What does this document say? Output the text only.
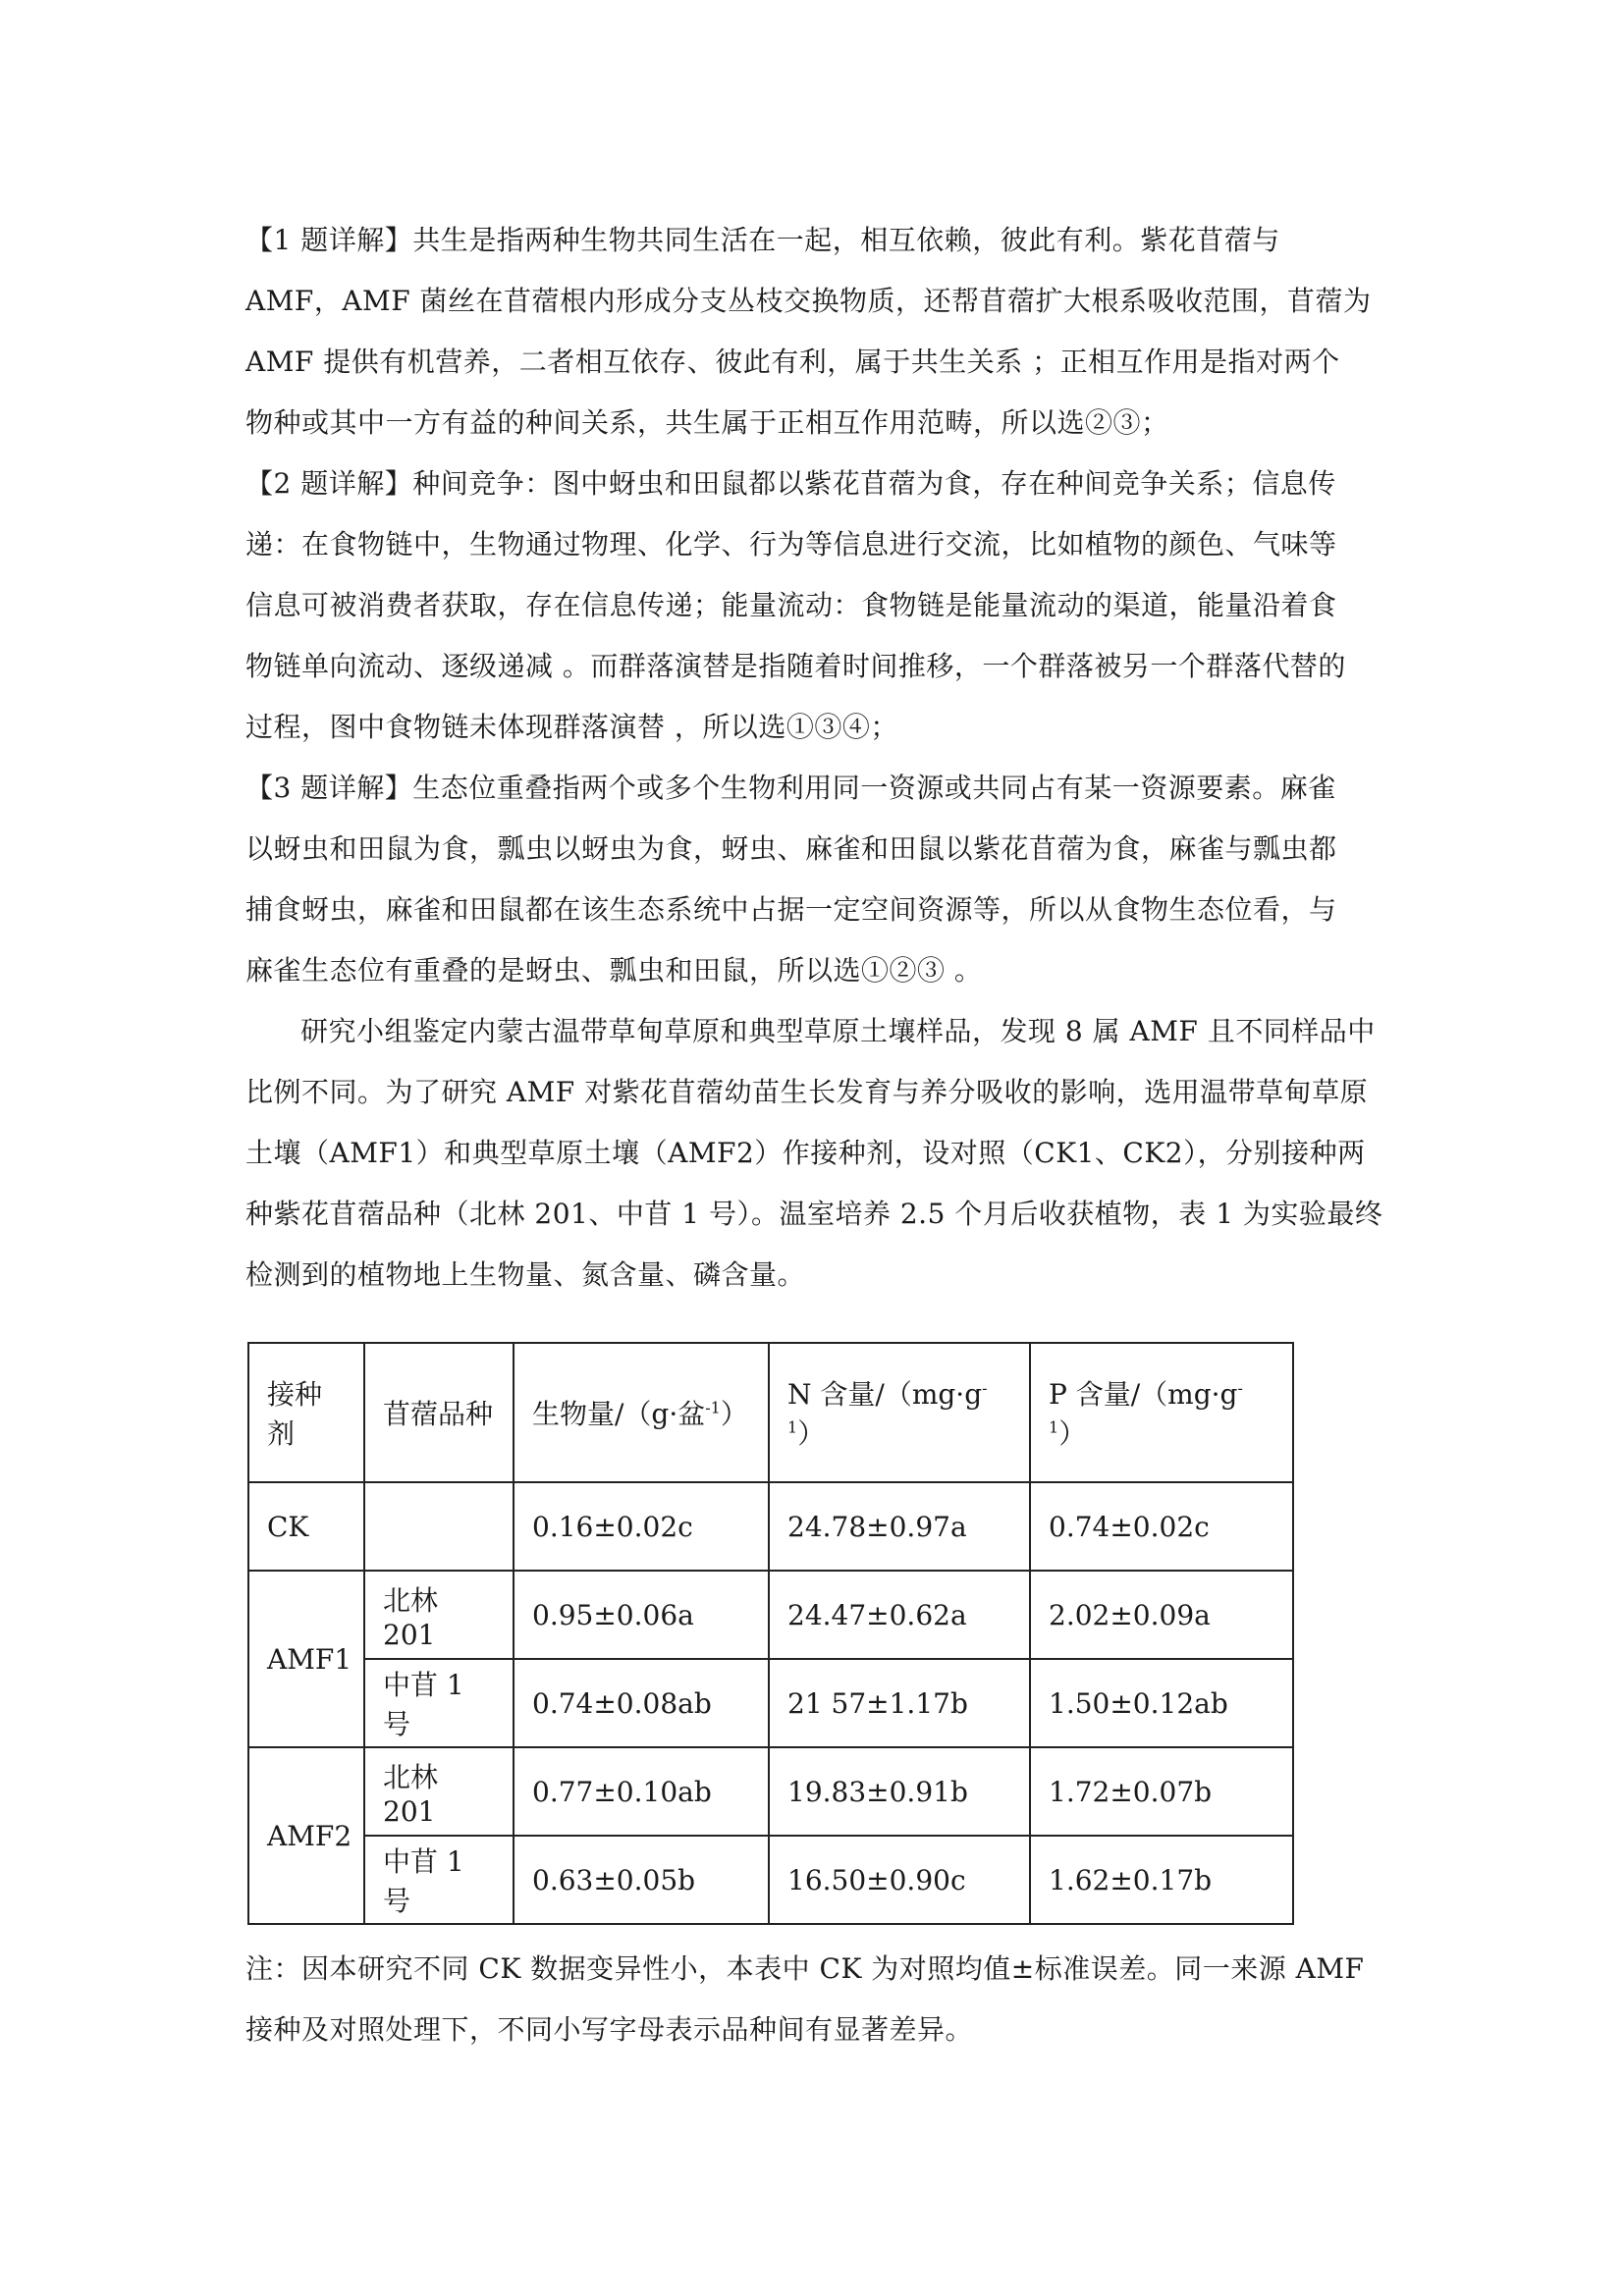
【1 题详解】共生是指两种生物共同生活在一起，相互依赖，彼此有利。紫花苜蓿与
AMF，AMF 菌丝在苜蓿根内形成分支丛枝交换物质，还帮苜蓿扩大根系吸收范围，苜蓿为
AMF 提供有机营养，二者相互依存、彼此有利，属于共生关系 ；正相互作用是指对两个
物种或其中一方有益的种间关系，共生属于正相互作用范畴，所以选②③；
【2 题详解】种间竞争：图中蚜虫和田鼠都以紫花苜蓿为食，存在种间竞争关系；信息传
递：在食物链中，生物通过物理、化学、行为等信息进行交流，比如植物的颜色、气味等
信息可被消费者获取，存在信息传递；能量流动：食物链是能量流动的渠道，能量沿着食
物链单向流动、逐级递减 。而群落演替是指随着时间推移，一个群落被另一个群落代替的
过程，图中食物链未体现群落演替 ，所以选①③④；
【3 题详解】生态位重叠指两个或多个生物利用同一资源或共同占有某一资源要素。麻雀
以蚜虫和田鼠为食，瓢虫以蚜虫为食，蚜虫、麻雀和田鼠以紫花苜蓿为食，麻雀与瓢虫都
捕食蚜虫，麻雀和田鼠都在该生态系统中占据一定空间资源等，所以从食物生态位看，与
麻雀生态位有重叠的是蚜虫、瓢虫和田鼠，所以选①②③ 。
研究小组鉴定内蒙古温带草甸草原和典型草原土壤样品，发现 8 属 AMF 且不同样品中
比例不同。为了研究 AMF 对紫花苜蓿幼苗生长发育与养分吸收的影响，选用温带草甸草原
土壤（AMF1）和典型草原土壤（AMF2）作接种剂，设对照（CK1、CK2），分别接种两
种紫花苜蓿品种（北林 201、中苜 1 号）。温室培养 2.5 个月后收获植物，表 1 为实验最终
检测到的植物地上生物量、氮含量、磷含量。
接种剂	苜蓿品种	生物量/（g·盆$^{-1}$）	N 含量$/(mg\cdot g^{-1})$	P 含量$/(mg\cdot g^{-1})$
CK		0.16±0.02c	24.78±0.97a	0.74±0.02c
AMF1	北林 201	0.95±0.06a	24.47±0.62a	2.02±0.09a
	中苜 1 号	0.74±0.08ab	21 57±1.17b	1.50±0.12ab
AMF2	北林 201	0.77±0.10ab	19.83±0.91b	1.72±0.07b
	中苜 1 号	0.63±0.05b	16.50±0.90c	1.62±0.17b
注：因本研究不同 CK 数据变异性小，本表中 CK 为对照均值±标准误差。同一来源 AMF
接种及对照处理下，不同小写字母表示品种间有显著差异。
